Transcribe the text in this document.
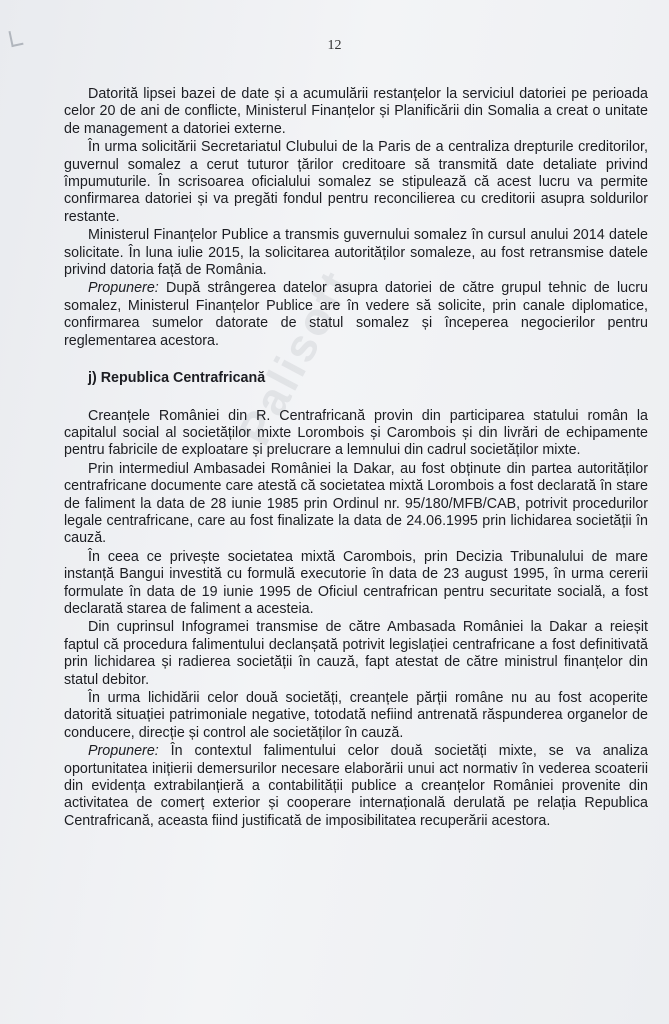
12
Palisoft

Datorită lipsei bazei de date și a acumulării restanțelor la serviciul datoriei pe perioada celor 20 de ani de conflicte, Ministerul Finanțelor și Planificării din Somalia a creat o unitate de management a datoriei externe.

În urma solicitării Secretariatul Clubului de la Paris de a centraliza drepturile creditorilor, guvernul somalez a cerut tuturor țărilor creditoare să transmită date detaliate privind împumuturile. În scrisoarea oficialului somalez se stipulează că acest lucru va permite confirmarea datoriei și va pregăti fondul pentru reconcilierea cu creditorii asupra soldurilor restante.

Ministerul Finanțelor Publice a transmis guvernului somalez în cursul anului 2014 datele solicitate. În luna iulie 2015, la solicitarea autorităților somaleze, au fost retransmise datele privind datoria față de România.

Propunere: După strângerea datelor asupra datoriei de către grupul tehnic de lucru somalez, Ministerul Finanțelor Publice are în vedere să solicite, prin canale diplomatice, confirmarea sumelor datorate de statul somalez și începerea negocierilor pentru reglementarea acestora.

j) Republica Centrafricană

Creanțele României din R. Centrafricană provin din participarea statului român la capitalul social al societăților mixte Lorombois și Carombois și din livrări de echipamente pentru fabricile de exploatare și prelucrare a lemnului din cadrul societăților mixte.

Prin intermediul Ambasadei României la Dakar, au fost obținute din partea autorităților centrafricane documente care atestă că societatea mixtă Lorombois a fost declarată în stare de faliment la data de 28 iunie 1985 prin Ordinul nr. 95/180/MFB/CAB, potrivit procedurilor legale centrafricane, care au fost finalizate la data de 24.06.1995 prin lichidarea societății în cauză.

În ceea ce privește societatea mixtă Carombois, prin Decizia Tribunalului de mare instanță Bangui investită cu formulă executorie în data de 23 august 1995, în urma cererii formulate în data de 19 iunie 1995 de Oficiul centrafrican pentru securitate socială, a fost declarată starea de faliment a acesteia.

Din cuprinsul Infogramei transmise de către Ambasada României la Dakar a reieșit faptul că procedura falimentului declanșată potrivit legislației centrafricane a fost definitivată prin lichidarea și radierea societății în cauză, fapt atestat de către ministrul finanțelor din statul debitor.

În urma lichidării celor două societăți, creanțele părții române nu au fost acoperite datorită situației patrimoniale negative, totodată nefiind antrenată răspunderea organelor de conducere, direcție și control ale societăților în cauză.

Propunere: În contextul falimentului celor două societăți mixte, se va analiza oportunitatea inițierii demersurilor necesare elaborării unui act normativ în vederea scoaterii din evidența extrabilanțieră a contabilității publice a creanțelor României provenite din activitatea de comerț exterior și cooperare internațională derulată pe relația Republica Centrafricană, aceasta fiind justificată de imposibilitatea recuperării acestora.
